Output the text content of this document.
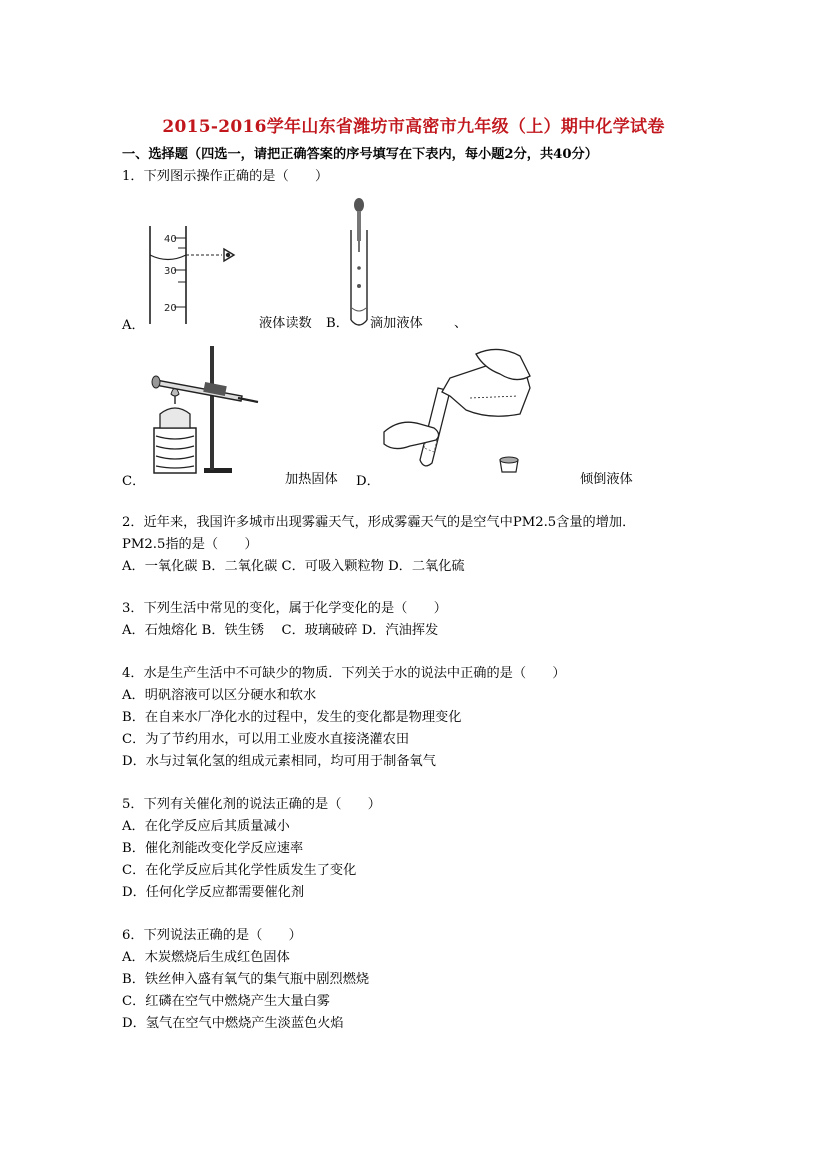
2015-2016学年山东省潍坊市高密市九年级（上）期中化学试卷
一、选择题（四选一，请把正确答案的序号填写在下表内，每小题2分，共40分）
1．下列图示操作正确的是（　　）
40
30
20
A．	液体读数 B． 滴加液体 、
C．	加热固体 D．	倾倒液体
2．近年来，我国许多城市出现雾霾天气，形成雾霾天气的是空气中PM2.5含量的增加．
PM2.5指的是（　　）
A．一氧化碳 B．二氧化碳 C．可吸入颗粒物 D．二氧化硫
3．下列生活中常见的变化，属于化学变化的是（　　）
A．石烛熔化 B．铁生锈　 C．玻璃破碎 D．汽油挥发
4．水是生产生活中不可缺少的物质．下列关于水的说法中正确的是（　　）
A．明矾溶液可以区分硬水和软水
B．在自来水厂净化水的过程中，发生的变化都是物理变化
C．为了节约用水，可以用工业废水直接浇灌农田
D．水与过氧化氢的组成元素相同，均可用于制备氧气
5．下列有关催化剂的说法正确的是（　　）
A．在化学反应后其质量减小
B．催化剂能改变化学反应速率
C．在化学反应后其化学性质发生了变化
D．任何化学反应都需要催化剂
6．下列说法正确的是（　　）
A．木炭燃烧后生成红色固体
B．铁丝伸入盛有氧气的集气瓶中剧烈燃烧
C．红磷在空气中燃烧产生大量白雾
D．氢气在空气中燃烧产生淡蓝色火焰
